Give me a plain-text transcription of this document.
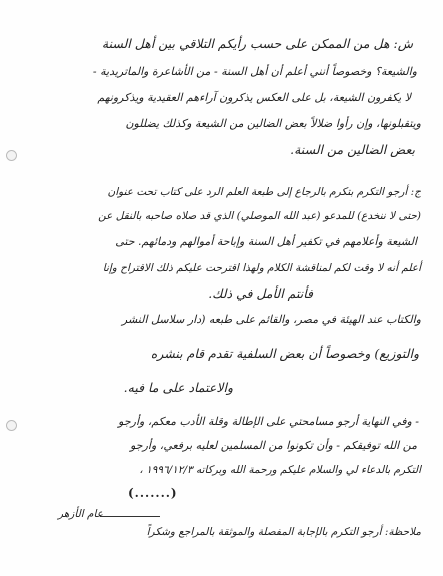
ش: هل من الممكن على حسب رأيكم التلاقي بين أهل السنة
والشيعة؟ وخصوصاً أنني أعلم أن أهل السنة - من الأشاعرة والماتريدية -
لا يكفرون الشيعة، بل على العكس يذكرون آراءهم العقيدية ويذكرونهم
ويتقبلونها، وإن رأوا ضلالاً بعض الضالين من الشيعة وكذلك يضللون
بعض الضالين من السنة.
ج: أرجو التكرم بتكرم بالرجاع إلى طبعة العلم الرد على كتاب تحت عنوان
(حتى لا ننخدع) للمدعو (عبد الله الموصلي) الذي قد صلاه صاحبه بالنقل عن
الشيعة وأعلامهم في تكفير أهل السنة وإباحة أموالهم ودمائهم. حتى
أعلم أنه لا وقت لكم لمناقشة الكلام ولهذا اقترحت عليكم ذلك الاقتراح وإنا
فأنتم الأمل في ذلك.
والكتاب عند الهيئة في مصر، والقائم على طبعه (دار سلاسل النشر
والتوزيع) وخصوصاً أن بعض السلفية تقدم قام بنشره
والاعتماد على ما فيه.
- وفي النهاية أرجو مسامحتي على الإطالة وقلة الأدب معكم، وأرجو
من الله توفيقكم - وأن تكونوا من المسلمين لعليه برفعي، وأرجو
التكرم بالدعاء لي والسلام عليكم ورحمة الله وبركاته ١٩٩٦/١٢/٣ ،
(.......)
عام الأزهر
ملاحظة: أرجو التكرم بالإجابة المفصلة والموثقة بالمراجع وشكراً
